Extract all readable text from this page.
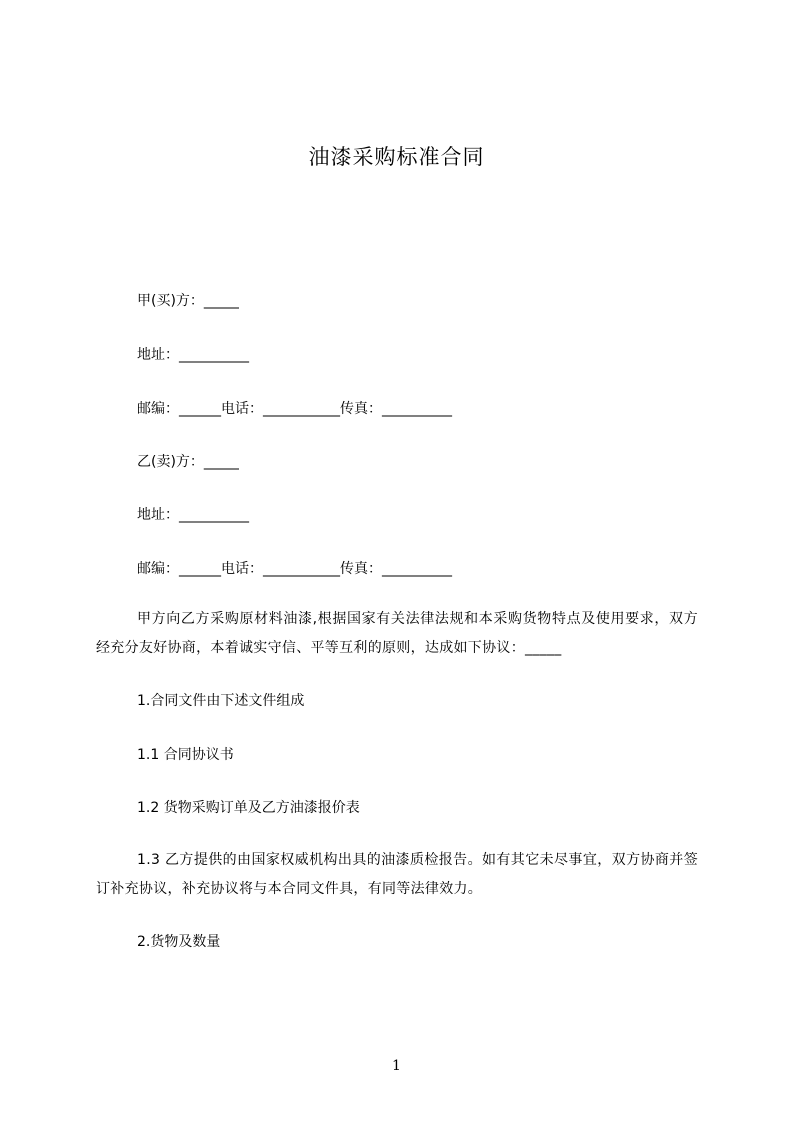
油漆采购标准合同
甲(买)方：_____
地址：__________
邮编：______电话：___________传真：__________
乙(卖)方：_____
地址：__________
邮编：______电话：___________传真：__________
甲方向乙方采购原材料油漆,根据国家有关法律法规和本采购货物特点及使用要求，双方经充分友好协商，本着诚实守信、平等互利的原则，达成如下协议：_____
1.合同文件由下述文件组成
1.1 合同协议书
1.2 货物采购订单及乙方油漆报价表
1.3 乙方提供的由国家权威机构出具的油漆质检报告。如有其它未尽事宜，双方协商并签订补充协议，补充协议将与本合同文件具，有同等法律效力。
2.货物及数量
1
